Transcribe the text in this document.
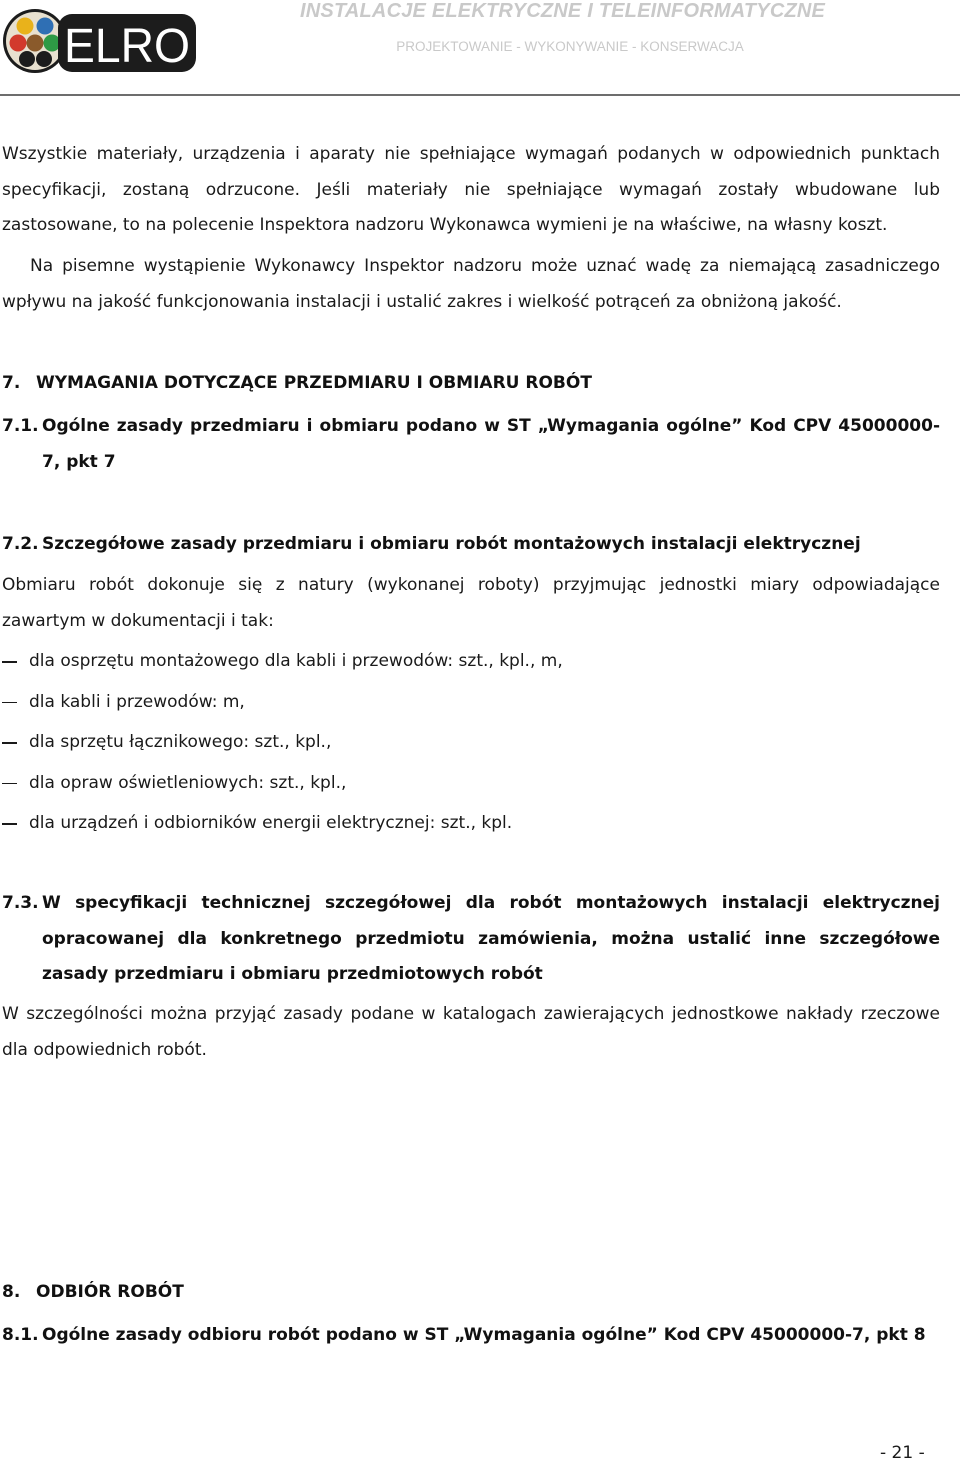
ELRO
INSTALACJE ELEKTRYCZNE I TELEINFORMATYCZNE
PROJEKTOWANIE - WYKONYWANIE - KONSERWACJA

Wszystkie materiały, urządzenia i aparaty nie spełniające wymagań podanych w odpowiednich punktach specyfikacji, zostaną odrzucone. Jeśli materiały nie spełniające wymagań zostały wbudowane lub zastosowane, to na polecenie Inspektora nadzoru Wykonawca wymieni je na właściwe, na własny koszt.

Na pisemne wystąpienie Wykonawcy Inspektor nadzoru może uznać wadę za niemającą zasadniczego wpływu na jakość funkcjonowania instalacji i ustalić zakres i wielkość potrąceń za obniżoną jakość.

7. WYMAGANIA DOTYCZĄCE PRZEDMIARU I OBMIARU ROBÓT
7.1. Ogólne zasady przedmiaru i obmiaru podano w ST „Wymagania ogólne” Kod CPV 45000000-7, pkt 7
7.2. Szczegółowe zasady przedmiaru i obmiaru robót montażowych instalacji elektrycznej

Obmiaru robót dokonuje się z natury (wykonanej roboty) przyjmując jednostki miary odpowiadające zawartym w dokumentacji i tak:

dla osprzętu montażowego dla kabli i przewodów: szt., kpl., m,
dla kabli i przewodów: m,
dla sprzętu łącznikowego: szt., kpl.,
dla opraw oświetleniowych: szt., kpl.,
dla urządzeń i odbiorników energii elektrycznej: szt., kpl.
7.3. W specyfikacji technicznej szczegółowej dla robót montażowych instalacji elektrycznej opracowanej dla konkretnego przedmiotu zamówienia, można ustalić inne szczegółowe zasady przedmiaru i obmiaru przedmiotowych robót

W szczególności można przyjąć zasady podane w katalogach zawierających jednostkowe nakłady rzeczowe dla odpowiednich robót.

8. ODBIÓR ROBÓT
8.1. Ogólne zasady odbioru robót podano w ST „Wymagania ogólne” Kod CPV 45000000-7, pkt 8
- 21 -
